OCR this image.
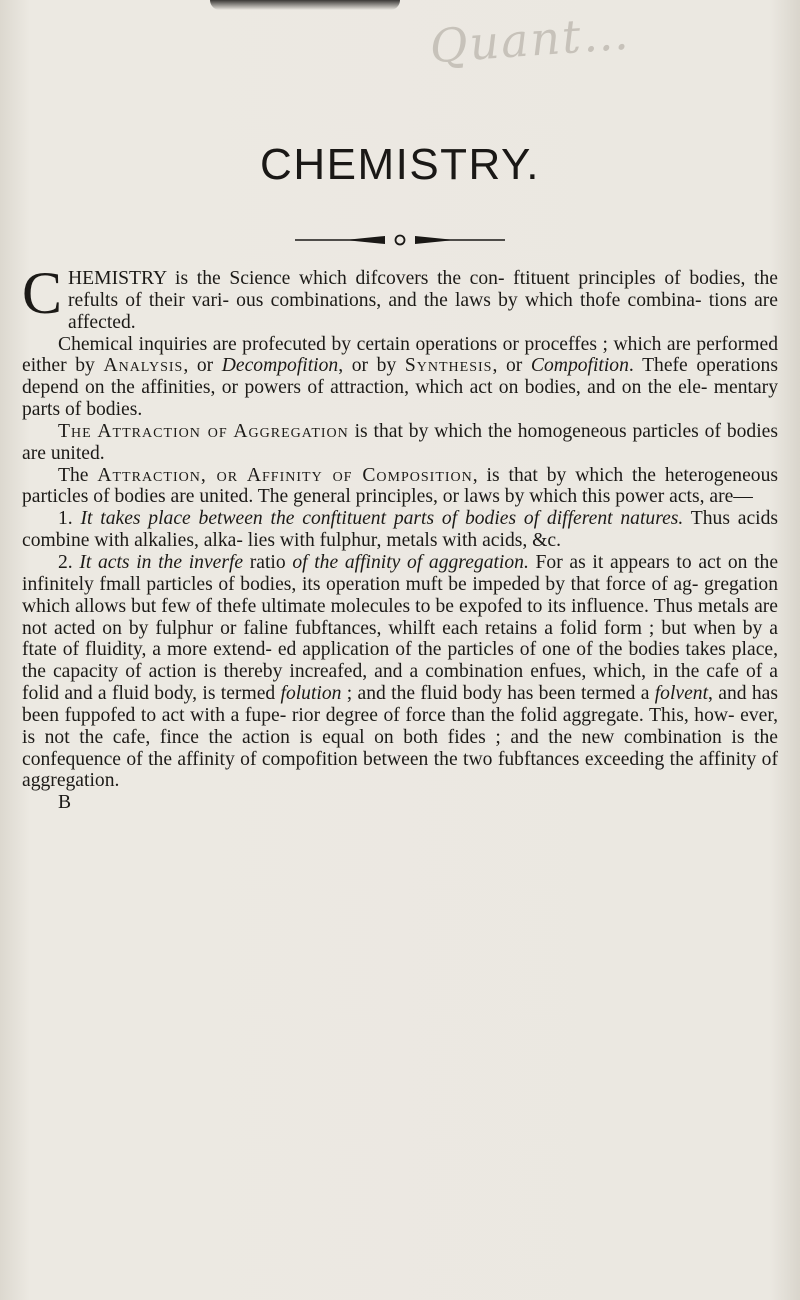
Quant…
CHEMISTRY.

CHEMISTRY is the Science which difcovers the con- ftituent principles of bodies, the refults of their vari- ous combinations, and the laws by which thofe combina- tions are affected.

Chemical inquiries are profecuted by certain operations or proceffes ; which are performed either by Analysis, or Decompofition, or by Synthesis, or Compofition. Thefe operations depend on the affinities, or powers of attraction, which act on bodies, and on the ele- mentary parts of bodies.

The Attraction of Aggregation is that by which the homogeneous particles of bodies are united.

The Attraction, or Affinity of Composition, is that by which the heterogeneous particles of bodies are united. The general principles, or laws by which this power acts, are—

1. It takes place between the conftituent parts of bodies of different natures. Thus acids combine with alkalies, alka- lies with fulphur, metals with acids, &c.

2. It acts in the inverfe ratio of the affinity of aggregation. For as it appears to act on the infinitely fmall particles of bodies, its operation muft be impeded by that force of ag- gregation which allows but few of thefe ultimate molecules to be expofed to its influence. Thus metals are not acted on by fulphur or faline fubftances, whilft each retains a folid form ; but when by a ftate of fluidity, a more extend- ed application of the particles of one of the bodies takes place, the capacity of action is thereby increafed, and a combination enfues, which, in the cafe of a folid and a fluid body, is termed folution ; and the fluid body has been termed a folvent, and has been fuppofed to act with a fupe- rior degree of force than the folid aggregate. This, how- ever, is not the cafe, fince the action is equal on both fides ; and the new combination is the confequence of the affinity of compofition between the two fubftances exceeding the affinity of aggregation.

B
